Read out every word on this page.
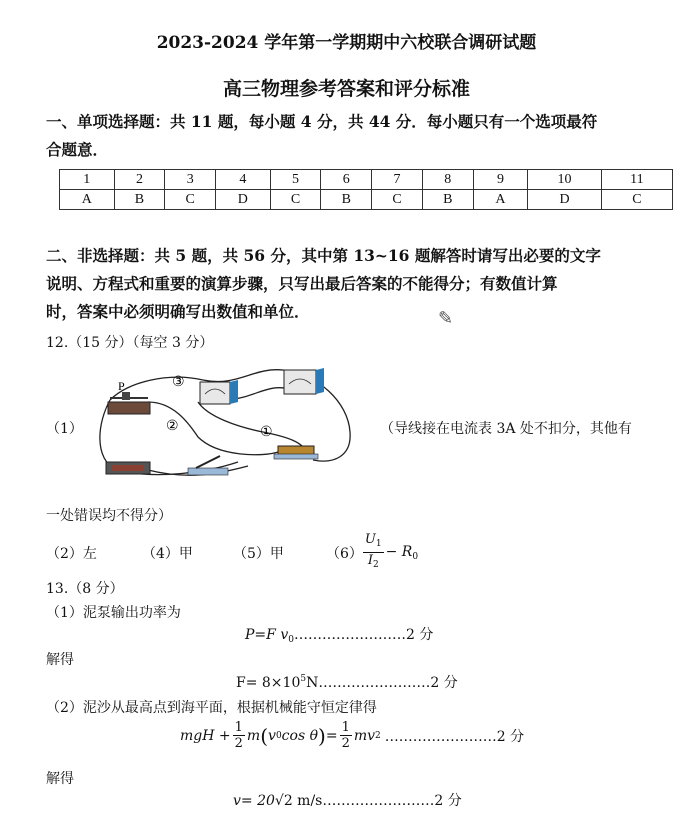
2023-2024 学年第一学期期中六校联合调研试题
高三物理参考答案和评分标准
一、单项选择题：共 11 题，每小题 4 分，共 44 分．每小题只有一个选项最符
合题意．
1	2	3	4	5	6	7	8	9	10	11
A	B	C	D	C	B	C	B	A	D	C
二、非选择题：共 5 题，共 56 分，其中第 13~16 题解答时请写出必要的文字
说明、方程式和重要的演算步骤，只写出最后答案的不能得分；有数值计算
时，答案中必须明确写出数值和单位．	✎
12.（15 分）（每空 3 分）
（1）
P	③
②	①	（导线接在电流表 3A 处不扣分，其他有
一处错误均不得分）
（2）左	（4）甲	（5）甲	$(6) \frac{U_1}{I_2} - R_0$
13.（8 分）
（1）泥泵输出功率为
P=F $v_0\dots\dots\dots\dots\dots\dots\dots\dots 2$ 分
解得
$F= 8\times 10^5N\dots\dots\dots\dots\dots\dots\dots\dots 2$ 分
（2）泥沙从最高点到海平面，根据机械能守恒定律得
mgH + $\frac{1}{2}$ m ( v 0 cos θ ) = $\frac{1}{2}$ mv 2 ……………………2 分
解得
v= 20√2 m/s……………………2 分
